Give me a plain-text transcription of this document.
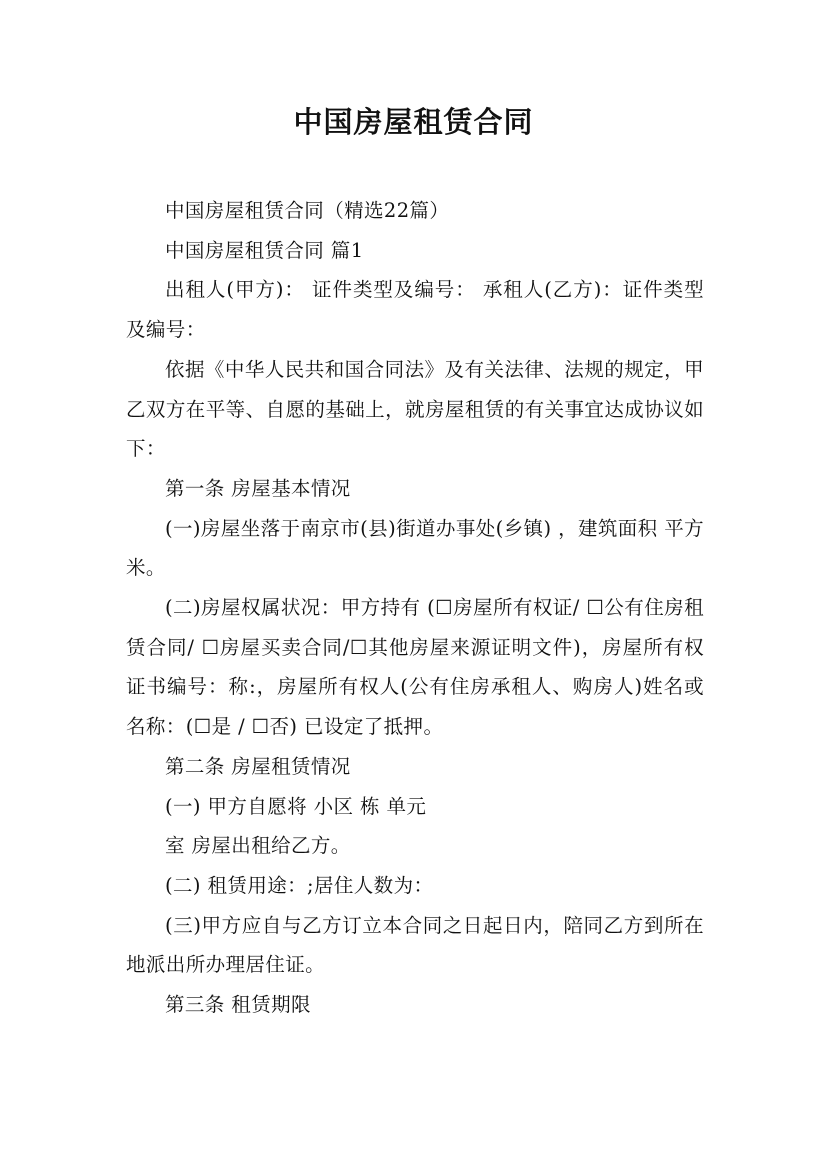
中国房屋租赁合同

中国房屋租赁合同（精选22篇）

中国房屋租赁合同 篇1

出租人(甲方)： 证件类型及编号： 承租人(乙方)：证件类型及编号：

依据《中华人民共和国合同法》及有关法律、法规的规定，甲乙双方在平等、自愿的基础上，就房屋租赁的有关事宜达成协议如下：

第一条 房屋基本情况

(一)房屋坐落于南京市(县)街道办事处(乡镇) ，建筑面积 平方米。

(二)房屋权属状况：甲方持有 (☐房屋所有权证/ ☐公有住房租赁合同/ ☐房屋买卖合同/☐其他房屋来源证明文件)，房屋所有权证书编号：称:，房屋所有权人(公有住房承租人、购房人)姓名或名称：(☐是 / ☐否) 已设定了抵押。

第二条 房屋租赁情况

(一) 甲方自愿将 小区 栋 单元

室 房屋出租给乙方。

(二) 租赁用途：;居住人数为：

(三)甲方应自与乙方订立本合同之日起日内，陪同乙方到所在地派出所办理居住证。

第三条 租赁期限
